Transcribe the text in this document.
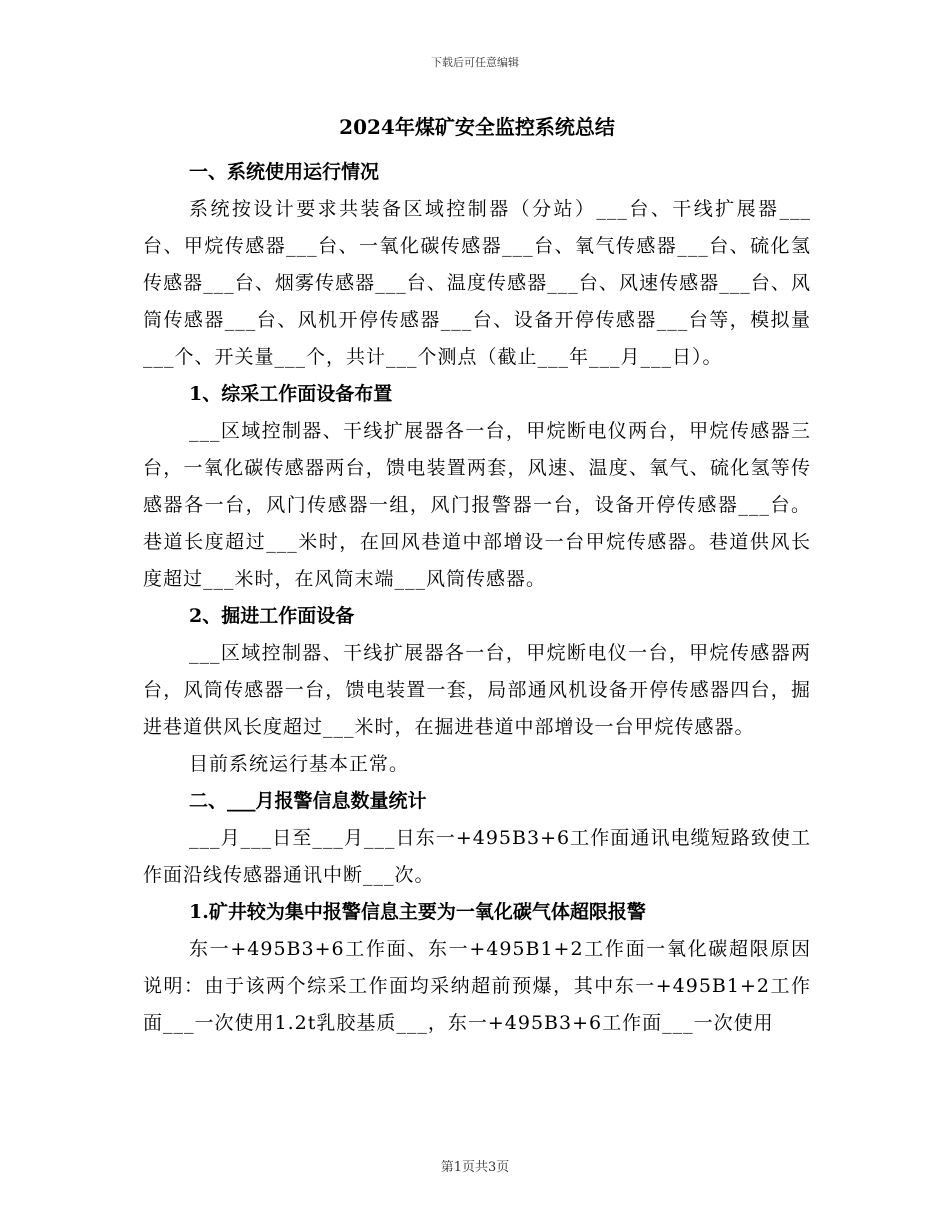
下载后可任意编辑
2024年煤矿安全监控系统总结
一、系统使用运行情况

系统按设计要求共装备区域控制器（分站）___台、干线扩展器___台、甲烷传感器___台、一氧化碳传感器___台、氧气传感器___台、硫化氢传感器___台、烟雾传感器___台、温度传感器___台、风速传感器___台、风筒传感器___台、风机开停传感器___台、设备开停传感器___台等，模拟量___个、开关量___个，共计___个测点（截止___年___月___日）。

1、综采工作面设备布置

___区域控制器、干线扩展器各一台，甲烷断电仪两台，甲烷传感器三台，一氧化碳传感器两台，馈电装置两套，风速、温度、氧气、硫化氢等传感器各一台，风门传感器一组，风门报警器一台，设备开停传感器___台。巷道长度超过___米时，在回风巷道中部增设一台甲烷传感器。巷道供风长度超过___米时，在风筒末端___风筒传感器。

2、掘进工作面设备

___区域控制器、干线扩展器各一台，甲烷断电仪一台，甲烷传感器两台，风筒传感器一台，馈电装置一套，局部通风机设备开停传感器四台，掘进巷道供风长度超过___米时，在掘进巷道中部增设一台甲烷传感器。

目前系统运行基本正常。

二、___月报警信息数量统计

___月___日至___月___日东一+495B3+6工作面通讯电缆短路致使工作面沿线传感器通讯中断___次。

1.矿井较为集中报警信息主要为一氧化碳气体超限报警

东一+495B3+6工作面、东一+495B1+2工作面一氧化碳超限原因说明：由于该两个综采工作面均采纳超前预爆，其中东一+495B1+2工作面___一次使用1.2t乳胶基质___，东一+495B3+6工作面___一次使用

第1页共3页
